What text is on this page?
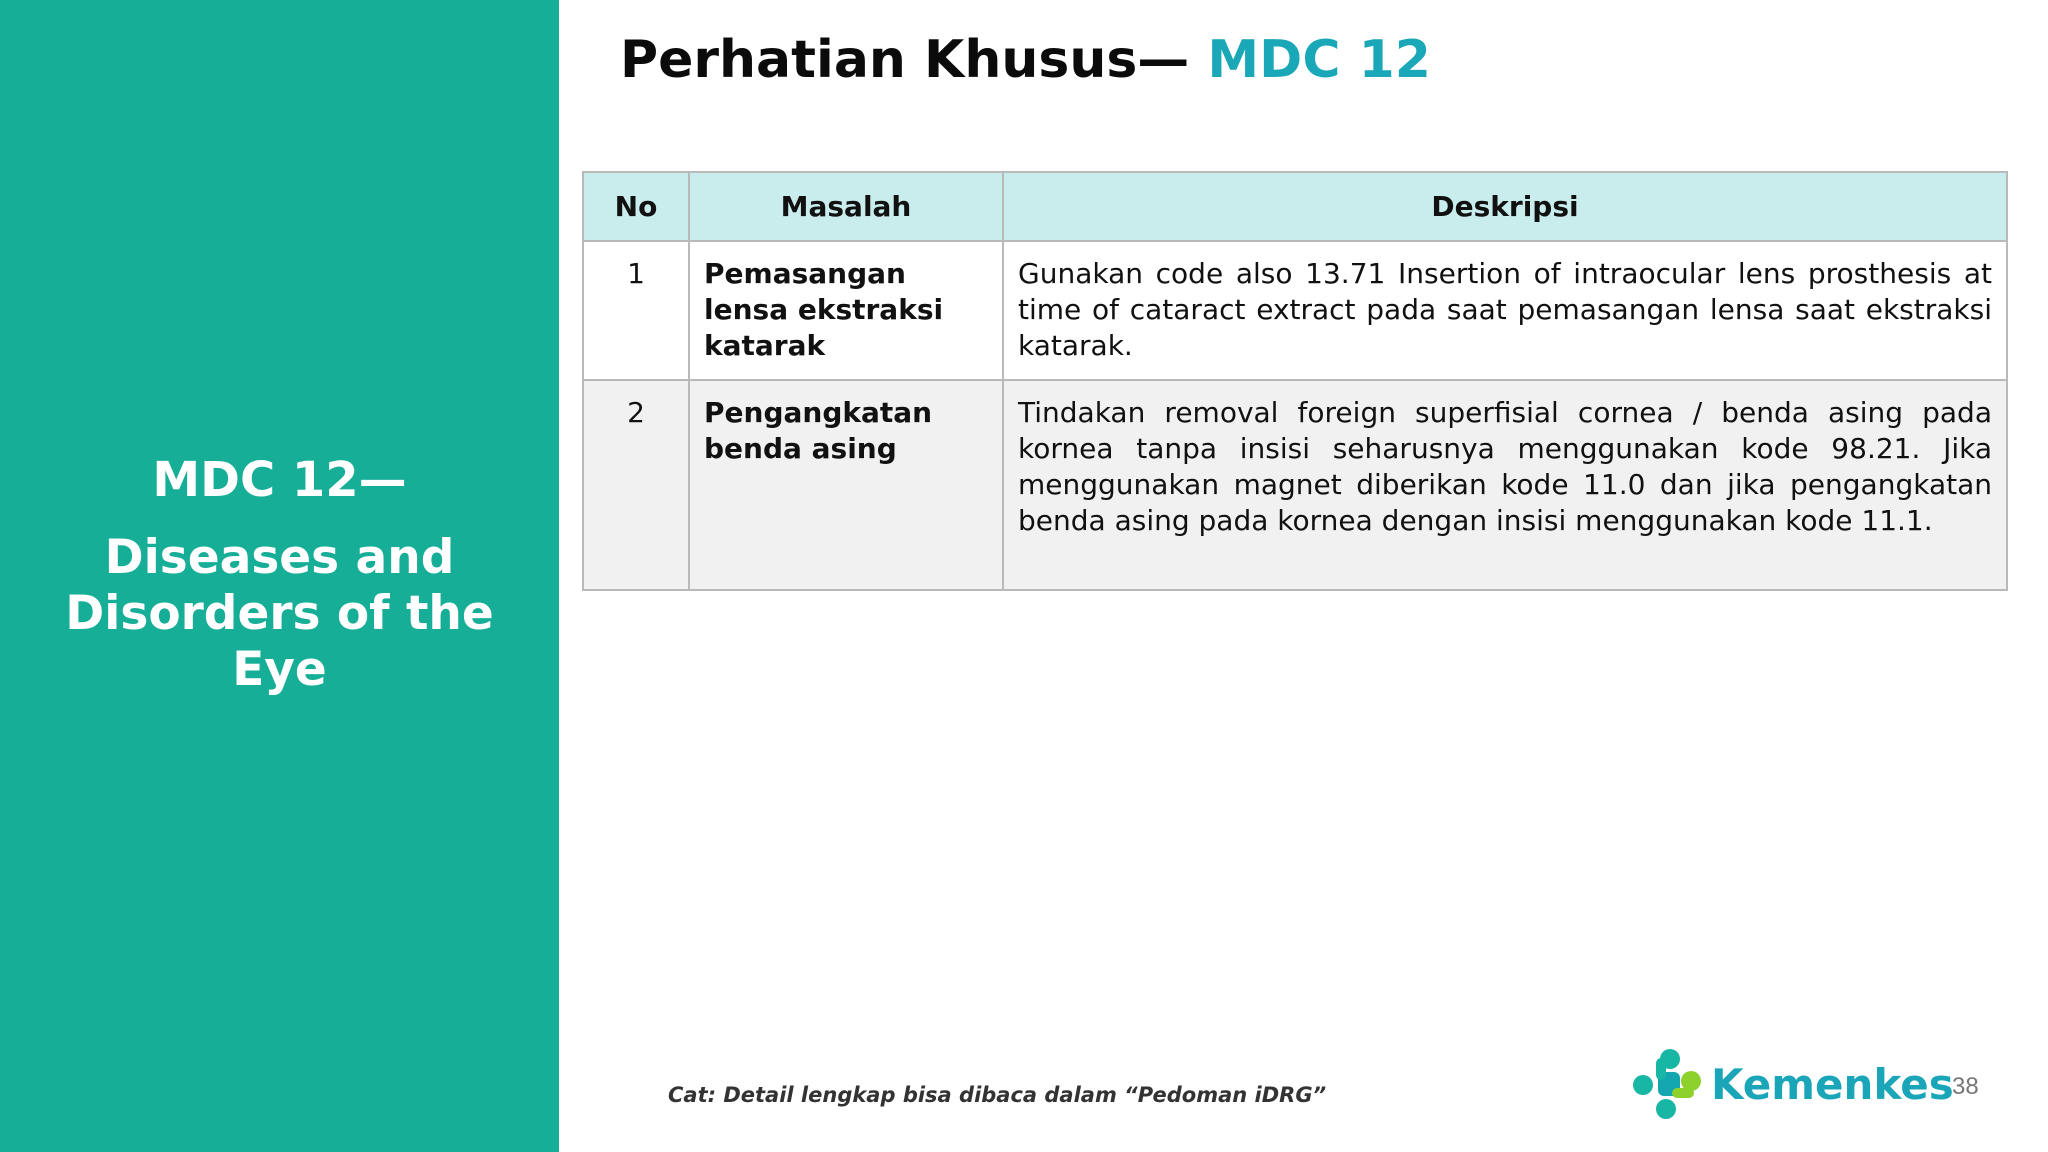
MDC 12—
Diseases and Disorders of the Eye
Perhatian Khusus— MDC 12
No	Masalah	Deskripsi
1	Pemasangan lensa ekstraksi katarak	Gunakan code also 13.71 Insertion of intraocular lens prosthesis at time of cataract extract pada saat pemasangan lensa saat ekstraksi katarak.
2	Pengangkatan benda asing	Tindakan removal foreign superfisial cornea / benda asing pada kornea tanpa insisi seharusnya menggunakan kode 98.21. Jika menggunakan magnet diberikan kode 11.0 dan jika pengangkatan benda asing pada kornea dengan insisi menggunakan kode 11.1.
Cat: Detail lengkap bisa dibaca dalam “Pedoman iDRG”	Kemenkes
38
